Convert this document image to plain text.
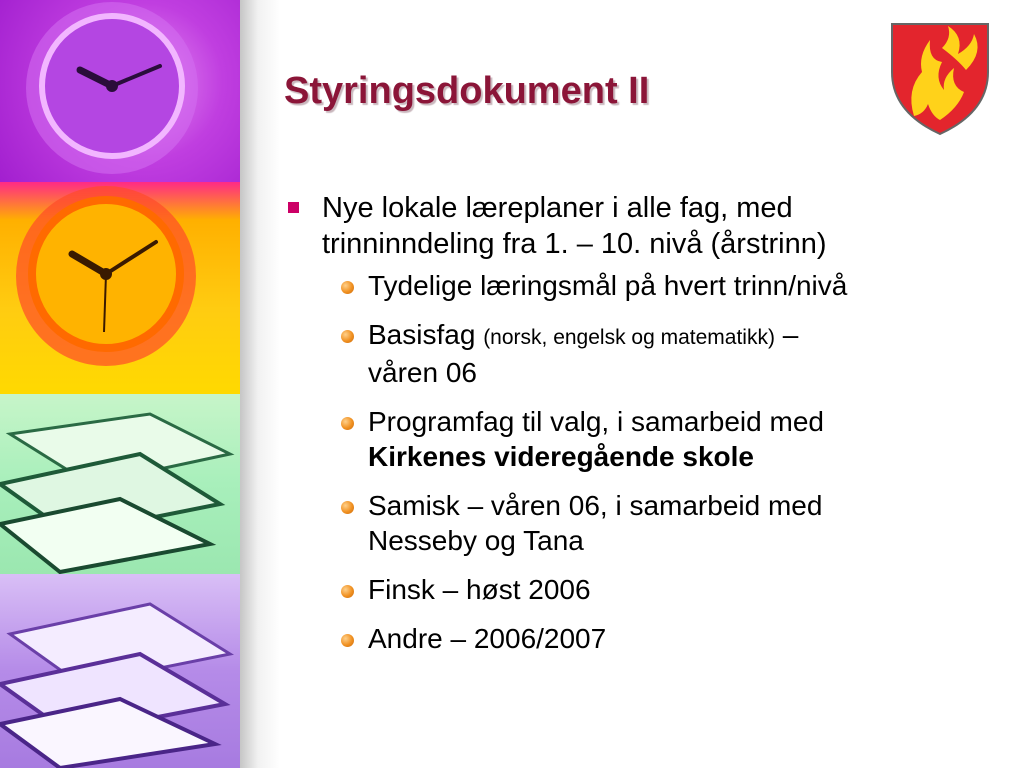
Styringsdokument II
Nye lokale læreplaner i alle fag, med
trinninndeling fra 1. – 10. nivå (årstrinn)
Tydelige læringsmål på hvert trinn/nivå
Basisfag (norsk, engelsk og matematikk) –
våren 06
Programfag til valg, i samarbeid med
Kirkenes videregående skole
Samisk – våren 06, i samarbeid med
Nesseby og Tana
Finsk – høst 2006
Andre – 2006/2007
